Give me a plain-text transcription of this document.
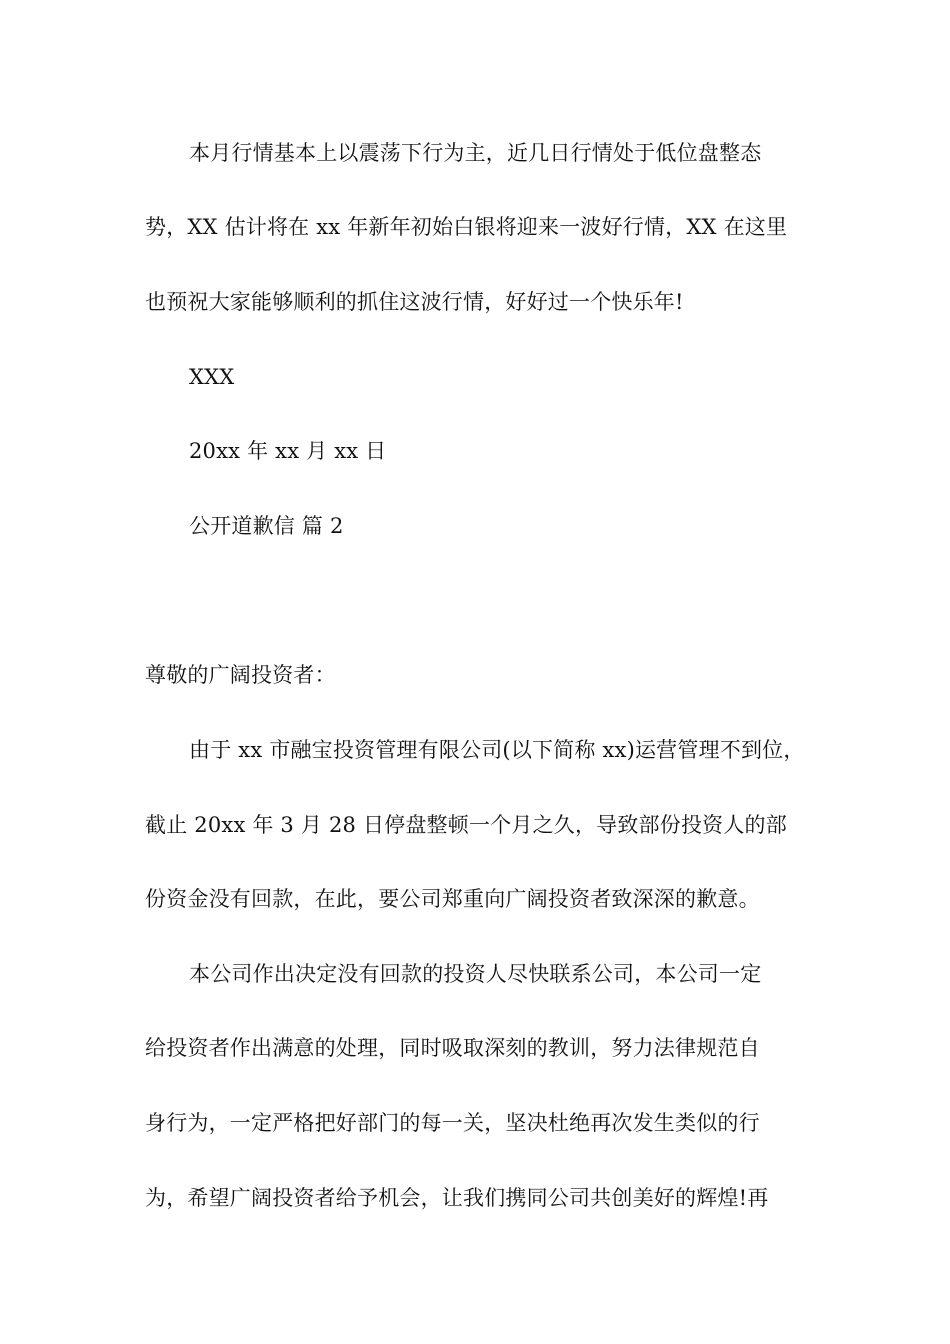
本月行情基本上以震荡下行为主，近几日行情处于低位盘整态
势，XX 估计将在 xx 年新年初始白银将迎来一波好行情，XX 在这里
也预祝大家能够顺利的抓住这波行情，好好过一个快乐年!
XXX
20xx 年 xx 月 xx 日
公开道歉信 篇 2
尊敬的广阔投资者：
由于 xx 市融宝投资管理有限公司(以下简称 xx)运营管理不到位，
截止 20xx 年 3 月 28 日停盘整顿一个月之久，导致部份投资人的部
份资金没有回款，在此，要公司郑重向广阔投资者致深深的歉意。
本公司作出决定没有回款的投资人尽快联系公司，本公司一定
给投资者作出满意的处理，同时吸取深刻的教训，努力法律规范自
身行为，一定严格把好部门的每一关，坚决杜绝再次发生类似的行
为，希望广阔投资者给予机会，让我们携同公司共创美好的辉煌!再
